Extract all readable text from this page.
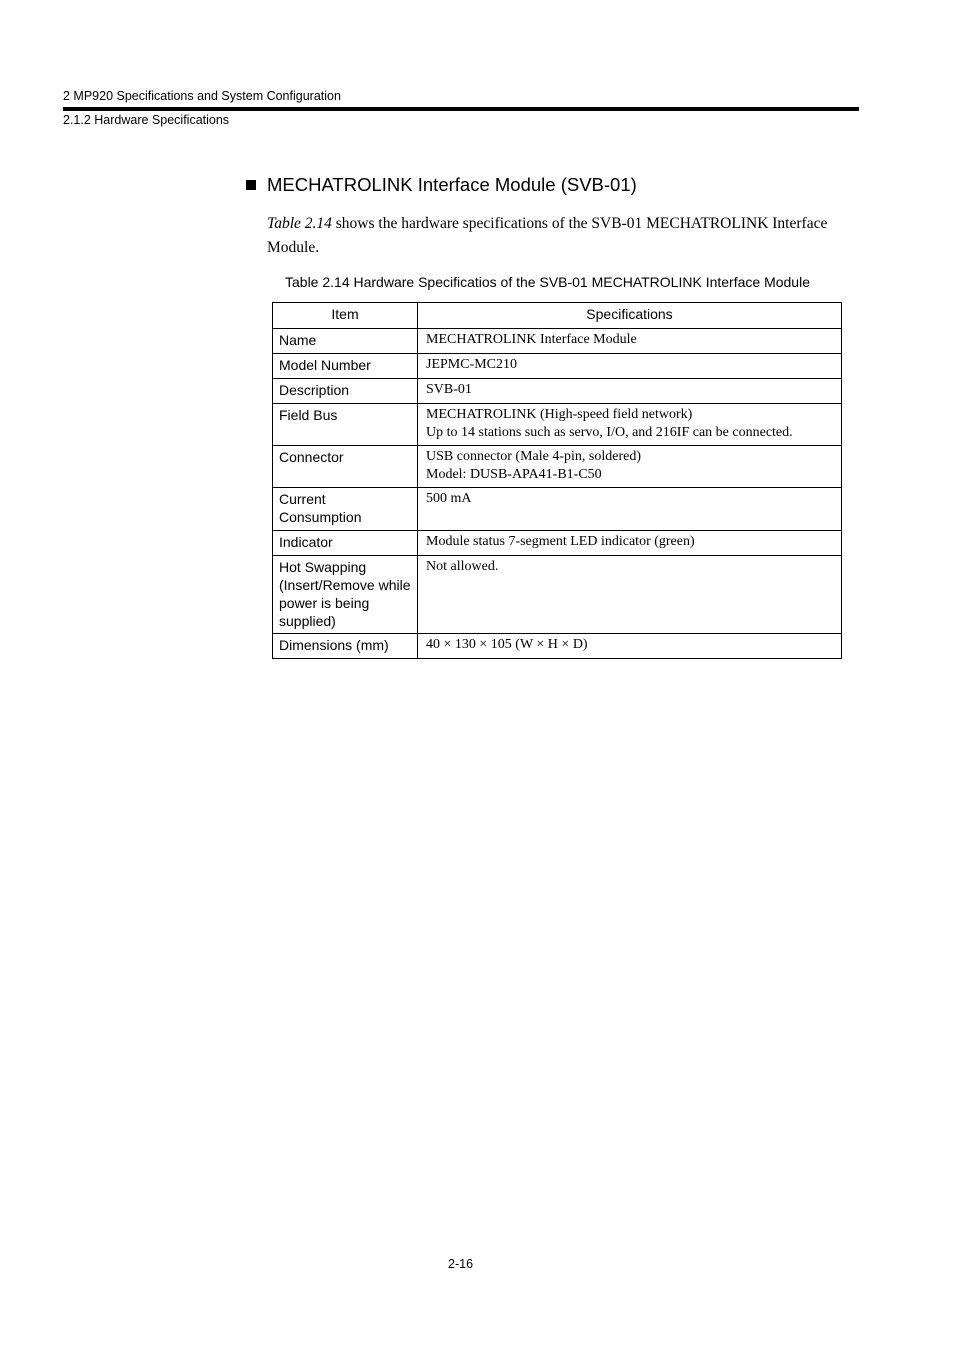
2 MP920 Specifications and System Configuration
2.1.2 Hardware Specifications
MECHATROLINK Interface Module (SVB-01)

Table 2.14 shows the hardware specifications of the SVB-01 MECHATROLINK Interface Module.

Table 2.14 Hardware Specificatios of the SVB-01 MECHATROLINK Interface Module
Item	Specifications
Name	MECHATROLINK Interface Module

Model Number	JEPMC-MC210

Description	SVB-01

Field Bus	MECHATROLINK (High-speed field network)
Up to 14 stations such as servo, I/O, and 216IF can be connected.

Connector	USB connector (Male 4-pin, soldered)
Model: DUSB-APA41-B1-C50

Current Consumption	500 mA

Indicator	Module status 7-segment LED indicator (green)

Hot Swapping (Insert/Remove while power is being supplied)	Not allowed.

Dimensions (mm)	40 × 130 × 105 (W × H × D)
2-16
